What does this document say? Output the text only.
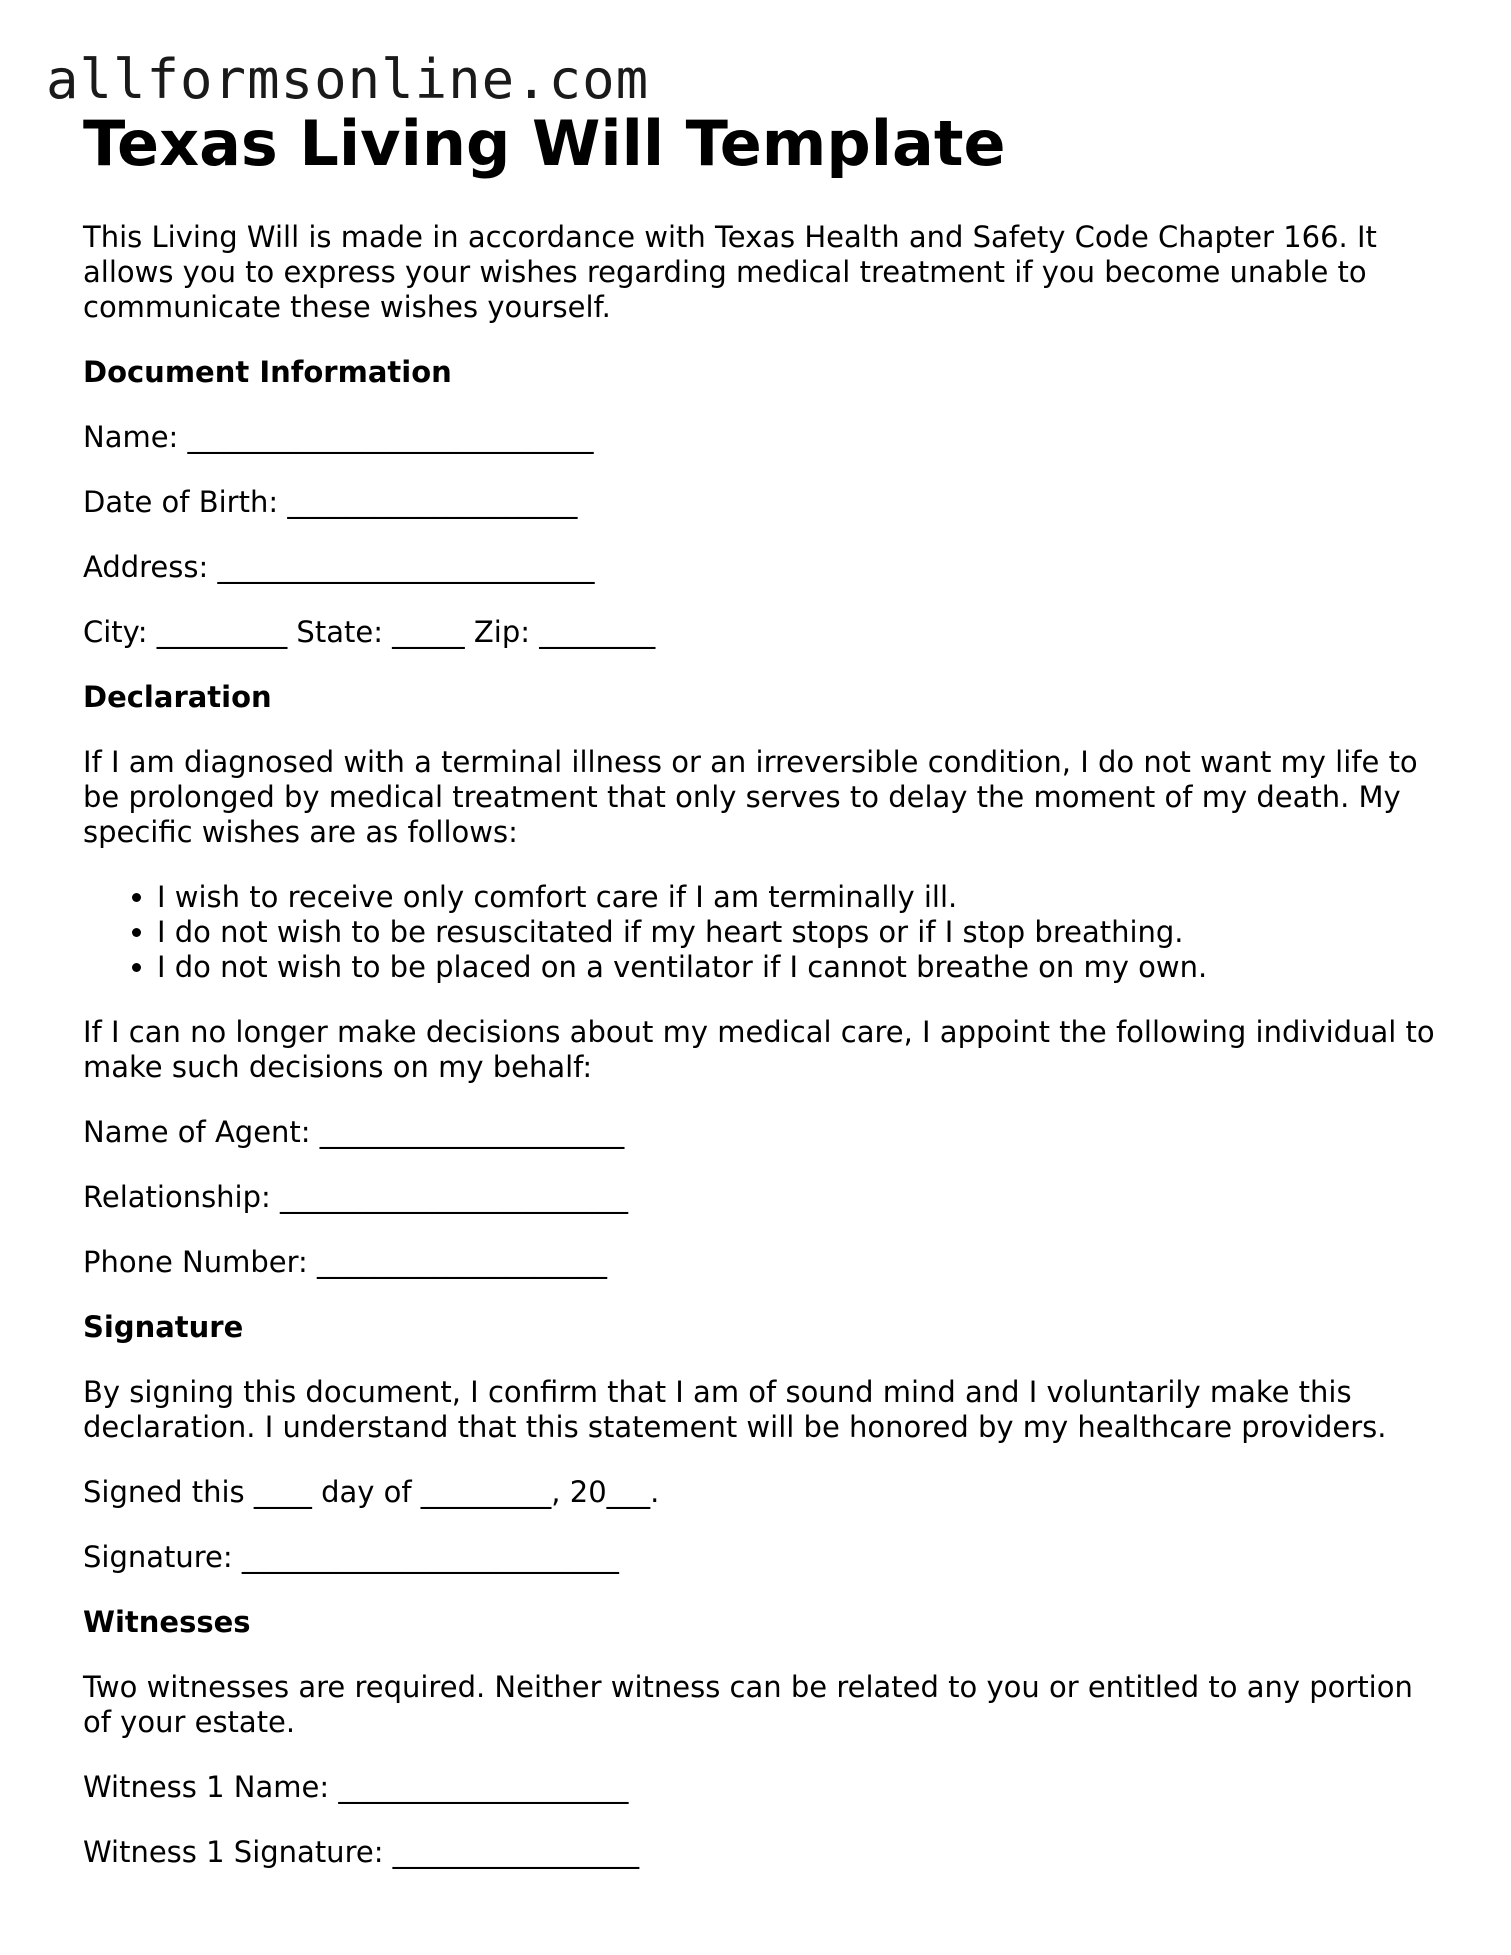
allformsonline.com
Texas Living Will Template

This Living Will is made in accordance with Texas Health and Safety Code Chapter 166. It allows you to express your wishes regarding medical treatment if you become unable to communicate these wishes yourself.

Document Information

Name: ____________________________

Date of Birth: ____________________

Address: __________________________

City: _________ State: _____ Zip: ________

Declaration

If I am diagnosed with a terminal illness or an irreversible condition, I do not want my life to be prolonged by medical treatment that only serves to delay the moment of my death. My specific wishes are as follows:

• I wish to receive only comfort care if I am terminally ill.
• I do not wish to be resuscitated if my heart stops or if I stop breathing.
• I do not wish to be placed on a ventilator if I cannot breathe on my own.

If I can no longer make decisions about my medical care, I appoint the following individual to make such decisions on my behalf:

Name of Agent: _____________________

Relationship: ________________________

Phone Number: ____________________

Signature

By signing this document, I confirm that I am of sound mind and I voluntarily make this declaration. I understand that this statement will be honored by my healthcare providers.

Signed this ____ day of _________, 20___.

Signature: __________________________

Witnesses

Two witnesses are required. Neither witness can be related to you or entitled to any portion of your estate.

Witness 1 Name: ____________________

Witness 1 Signature: _________________
